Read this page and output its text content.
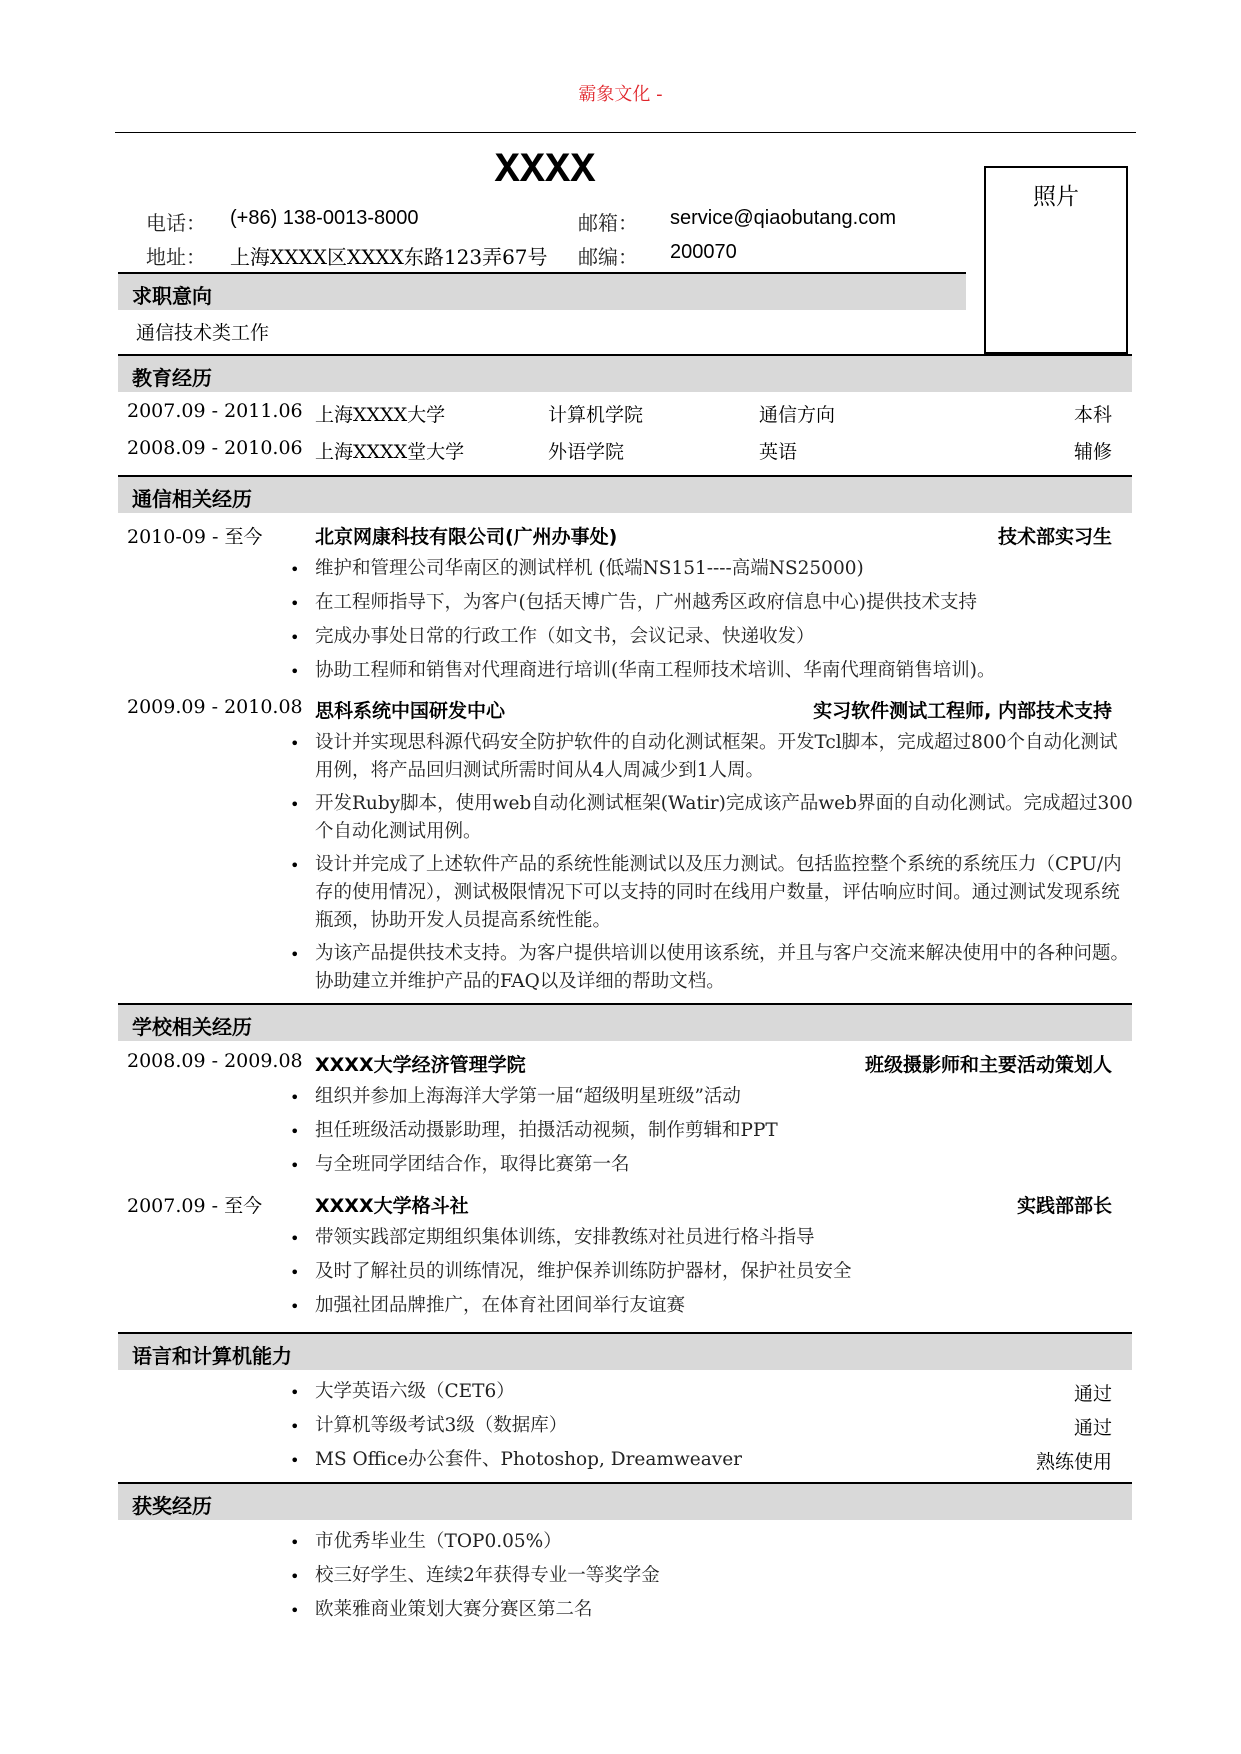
霸象文化 -
XXXX
照片
电话： (+86) 138-0013-8000	邮箱： service@qiaobutang.com
地址： 上海XXXX区XXXX东路123弄67号 邮编： 200070
求职意向
通信技术类工作
教育经历
2007.09 - 2011.06 上海XXXX大学	计算机学院	通信方向	本科
2008.09 - 2010.06 上海XXXX堂大学	外语学院	英语	辅修
通信相关经历
2010-09 - 至今	北京网康科技有限公司(广州办事处)	技术部实习生
• 维护和管理公司华南区的测试样机 (低端NS151----高端NS25000)
• 在工程师指导下，为客户(包括天博广告，广州越秀区政府信息中心)提供技术支持
• 完成办事处日常的行政工作（如文书，会议记录、快递收发）
• 协助工程师和销售对代理商进行培训(华南工程师技术培训、华南代理商销售培训)。
2009.09 - 2010.08 思科系统中国研发中心	实习软件测试工程师, 内部技术支持
• 设计并实现思科源代码安全防护软件的自动化测试框架。开发Tcl脚本，完成超过800个自动化测试用例，将产品回归测试所需时间从4人周减少到1人周。
• 开发Ruby脚本，使用web自动化测试框架(Watir)完成该产品web界面的自动化测试。完成超过300个自动化测试用例。
• 设计并完成了上述软件产品的系统性能测试以及压力测试。包括监控整个系统的系统压力（CPU/内存的使用情况），测试极限情况下可以支持的同时在线用户数量，评估响应时间。通过测试发现系统瓶颈，协助开发人员提高系统性能。
• 为该产品提供技术支持。为客户提供培训以使用该系统，并且与客户交流来解决使用中的各种问题。协助建立并维护产品的FAQ以及详细的帮助文档。
学校相关经历
2008.09 - 2009.08 XXXX大学经济管理学院	班级摄影师和主要活动策划人
• 组织并参加上海海洋大学第一届“超级明星班级”活动
• 担任班级活动摄影助理，拍摄活动视频，制作剪辑和PPT
• 与全班同学团结合作，取得比赛第一名
2007.09 - 至今	XXXX大学格斗社	实践部部长
• 带领实践部定期组织集体训练，安排教练对社员进行格斗指导
• 及时了解社员的训练情况，维护保养训练防护器材，保护社员安全
• 加强社团品牌推广，在体育社团间举行友谊赛
语言和计算机能力
• 大学英语六级（CET6）	通过
• 计算机等级考试3级（数据库）	通过
• MS Office办公套件、Photoshop, Dreamweaver	熟练使用
获奖经历
• 市优秀毕业生（TOP0.05%）
• 校三好学生、连续2年获得专业一等奖学金
• 欧莱雅商业策划大赛分赛区第二名
